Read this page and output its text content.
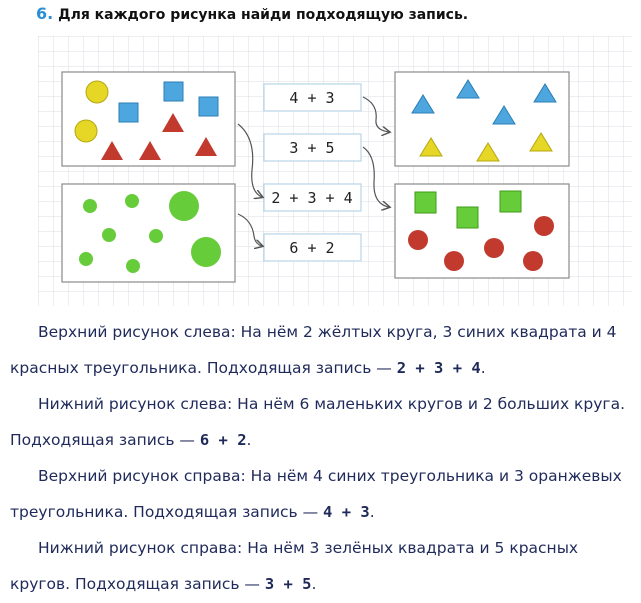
6. Для каждого рисунка найди подходящую запись.
4 + 3
3 + 5
2 + 3 + 4
6 + 2
Верхний рисунок слева: На нём 2 жёлтых круга, 3 синих квадрата и 4 красных треугольника. Подходящая запись — 2 + 3 + 4.
Нижний рисунок слева: На нём 6 маленьких кругов и 2 больших круга. Подходящая запись — 6 + 2.
Верхний рисунок справа: На нём 4 синих треугольника и 3 оранжевых треугольника. Подходящая запись — 4 + 3.
Нижний рисунок справа: На нём 3 зелёных квадрата и 5 красных кругов. Подходящая запись — 3 + 5.
